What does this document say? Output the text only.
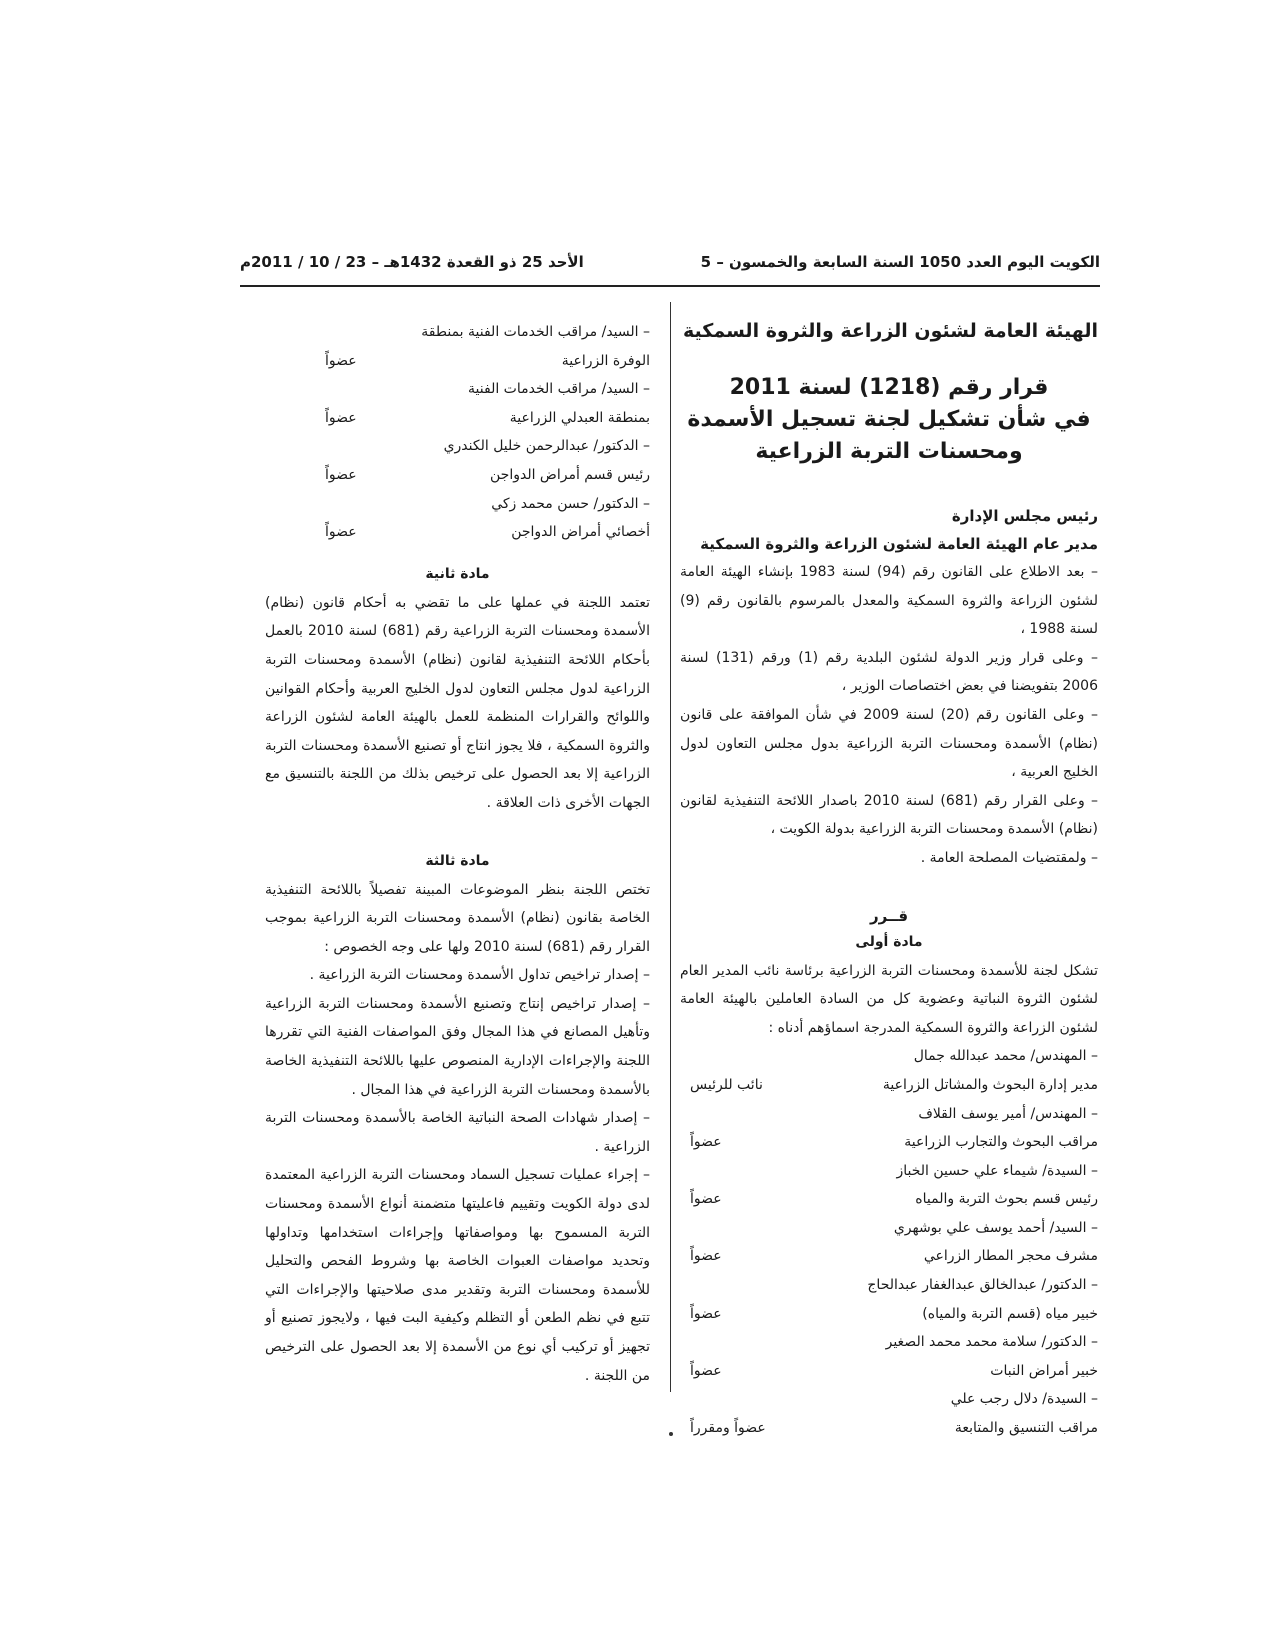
الكويت اليوم العدد 1050 السنة السابعة والخمسون – 5
الأحد 25 ذو القعدة 1432هـ – 23 / 10 / 2011م

الهيئة العامة لشئون الزراعة والثروة السمكية

قرار رقم (1218) لسنة 2011
في شأن تشكيل لجنة تسجيل الأسمدة
ومحسنات التربة الزراعية

رئيس مجلس الإدارة

مدير عام الهيئة العامة لشئون الزراعة والثروة السمكية

– بعد الاطلاع على القانون رقم (94) لسنة 1983 بإنشاء الهيئة العامة لشئون الزراعة والثروة السمكية والمعدل بالمرسوم بالقانون رقم (9) لسنة 1988 ،

– وعلى قرار وزير الدولة لشئون البلدية رقم (1) ورقم (131) لسنة 2006 بتفويضنا في بعض اختصاصات الوزير ،

– وعلى القانون رقم (20) لسنة 2009 في شأن الموافقة على قانون (نظام) الأسمدة ومحسنات التربة الزراعية بدول مجلس التعاون لدول الخليج العربية ،

– وعلى القرار رقم (681) لسنة 2010 باصدار اللائحة التنفيذية لقانون (نظام) الأسمدة ومحسنات التربة الزراعية بدولة الكويت ،

– ولمقتضيات المصلحة العامة .

قــرر

مادة أولى

تشكل لجنة للأسمدة ومحسنات التربة الزراعية برئاسة نائب المدير العام لشئون الثروة النباتية وعضوية كل من السادة العاملين بالهيئة العامة لشئون الزراعة والثروة السمكية المدرجة اسماؤهم أدناه :

– المهندس/ محمد عبدالله جمال
مدير إدارة البحوث والمشاتل الزراعية
نائب للرئيس
– المهندس/ أمير يوسف القلاف
مراقب البحوث والتجارب الزراعية
عضواً
– السيدة/ شيماء علي حسين الخباز
رئيس قسم بحوث التربة والمياه
عضواً
– السيد/ أحمد يوسف علي بوشهري
مشرف محجر المطار الزراعي
عضواً
– الدكتور/ عبدالخالق عبدالغفار عبدالحاج
خبير مياه (قسم التربة والمياه)
عضواً
– الدكتور/ سلامة محمد محمد الصغير
خبير أمراض النبات
عضواً
– السيدة/ دلال رجب علي
مراقب التنسيق والمتابعة
عضواً ومقرراً
– السيد/ مراقب الخدمات الفنية بمنطقة
الوفرة الزراعية
عضواً
– السيد/ مراقب الخدمات الفنية
بمنطقة العبدلي الزراعية
عضواً
– الدكتور/ عبدالرحمن خليل الكندري
رئيس قسم أمراض الدواجن
عضواً
– الدكتور/ حسن محمد زكي
أخصائي أمراض الدواجن
عضواً

مادة ثانية

تعتمد اللجنة في عملها على ما تقضي به أحكام قانون (نظام) الأسمدة ومحسنات التربة الزراعية رقم (681) لسنة 2010 بالعمل بأحكام اللائحة التنفيذية لقانون (نظام) الأسمدة ومحسنات التربة الزراعية لدول مجلس التعاون لدول الخليج العربية وأحكام القوانين واللوائح والقرارات المنظمة للعمل بالهيئة العامة لشئون الزراعة والثروة السمكية ، فلا يجوز انتاج أو تصنيع الأسمدة ومحسنات التربة الزراعية إلا بعد الحصول على ترخيص بذلك من اللجنة بالتنسيق مع الجهات الأخرى ذات العلاقة .

مادة ثالثة

تختص اللجنة بنظر الموضوعات المبينة تفصيلاً باللائحة التنفيذية الخاصة بقانون (نظام) الأسمدة ومحسنات التربة الزراعية بموجب القرار رقم (681) لسنة 2010 ولها على وجه الخصوص :

– إصدار تراخيص تداول الأسمدة ومحسنات التربة الزراعية .

– إصدار تراخيص إنتاج وتصنيع الأسمدة ومحسنات التربة الزراعية وتأهيل المصانع في هذا المجال وفق المواصفات الفنية التي تقررها اللجنة والإجراءات الإدارية المنصوص عليها باللائحة التنفيذية الخاصة بالأسمدة ومحسنات التربة الزراعية في هذا المجال .

– إصدار شهادات الصحة النباتية الخاصة بالأسمدة ومحسنات التربة الزراعية .

– إجراء عمليات تسجيل السماد ومحسنات التربة الزراعية المعتمدة لدى دولة الكويت وتقييم فاعليتها متضمنة أنواع الأسمدة ومحسنات التربة المسموح بها ومواصفاتها وإجراءات استخدامها وتداولها وتحديد مواصفات العبوات الخاصة بها وشروط الفحص والتحليل للأسمدة ومحسنات التربة وتقدير مدى صلاحيتها والإجراءات التي تتبع في نظم الطعن أو التظلم وكيفية البت فيها ، ولايجوز تصنيع أو تجهيز أو تركيب أي نوع من الأسمدة إلا بعد الحصول على الترخيص من اللجنة .
